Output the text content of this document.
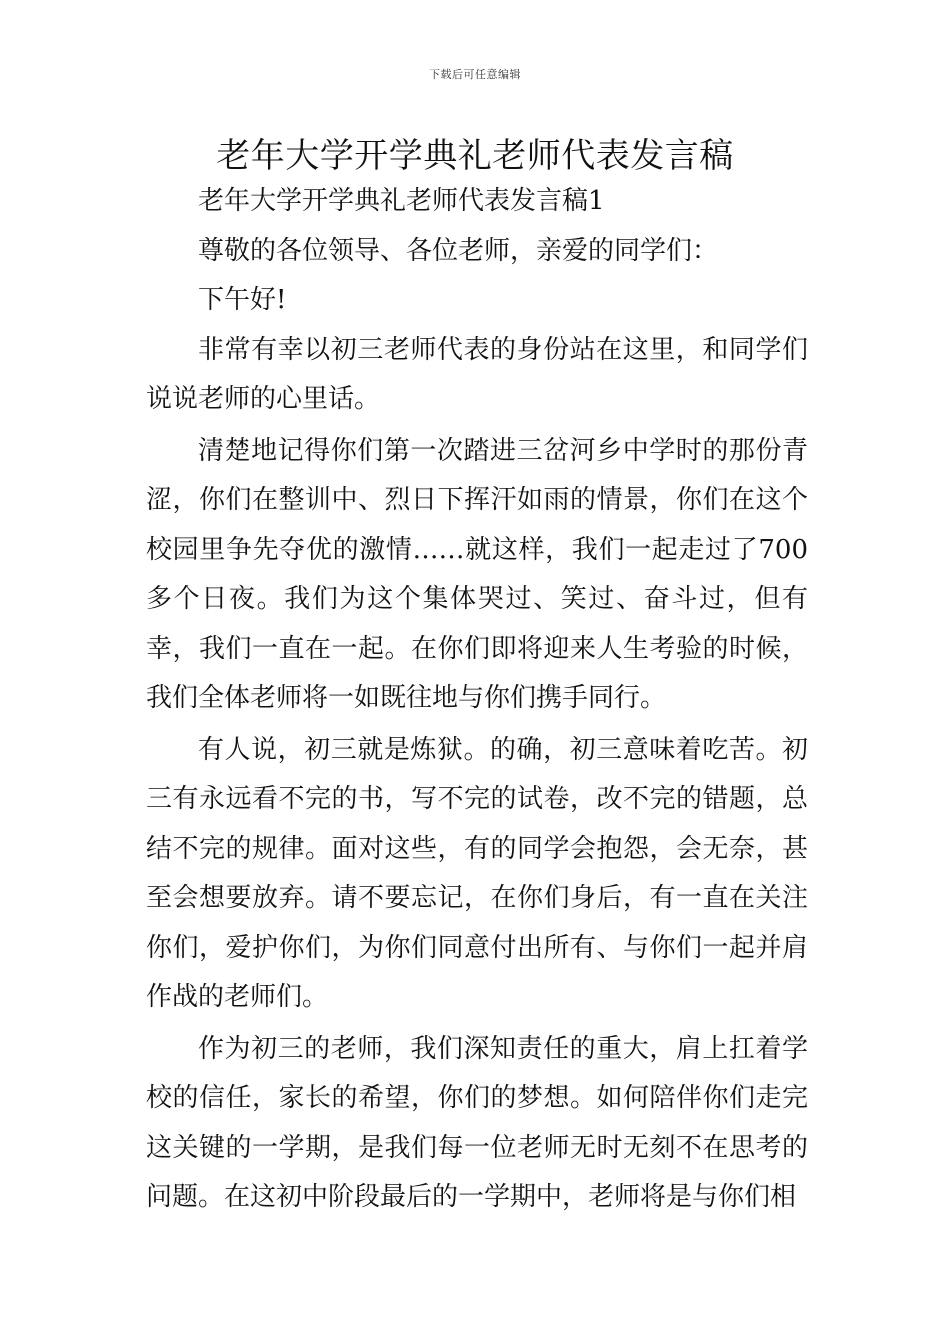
下载后可任意编辑
老年大学开学典礼老师代表发言稿

老年大学开学典礼老师代表发言稿1

尊敬的各位领导、各位老师，亲爱的同学们：

下午好!

非常有幸以初三老师代表的身份站在这里，和同学们说说老师的心里话。

清楚地记得你们第一次踏进三岔河乡中学时的那份青涩，你们在整训中、烈日下挥汗如雨的情景，你们在这个校园里争先夺优的激情……就这样，我们一起走过了700多个日夜。我们为这个集体哭过、笑过、奋斗过，但有幸，我们一直在一起。在你们即将迎来人生考验的时候，我们全体老师将一如既往地与你们携手同行。

有人说，初三就是炼狱。的确，初三意味着吃苦。初三有永远看不完的书，写不完的试卷，改不完的错题，总结不完的规律。面对这些，有的同学会抱怨，会无奈，甚至会想要放弃。请不要忘记，在你们身后，有一直在关注你们，爱护你们，为你们同意付出所有、与你们一起并肩作战的老师们。

作为初三的老师，我们深知责任的重大，肩上扛着学校的信任，家长的希望，你们的梦想。如何陪伴你们走完这关键的一学期，是我们每一位老师无时无刻不在思考的问题。在这初中阶段最后的一学期中，老师将是与你们相
